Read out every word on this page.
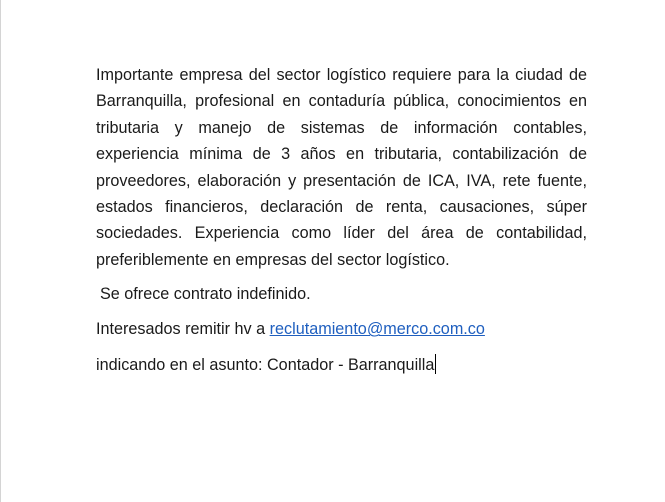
Importante empresa del sector logístico requiere para la ciudad de Barranquilla, profesional en contaduría pública, conocimientos en tributaria y manejo de sistemas de información contables, experiencia mínima de 3 años en tributaria, contabilización de proveedores, elaboración y presentación de ICA, IVA, rete fuente, estados financieros, declaración de renta, causaciones, súper sociedades. Experiencia como líder del área de contabilidad, preferiblemente en empresas del sector logístico.

Se ofrece contrato indefinido.

Interesados remitir hv a reclutamiento@merco.com.co

indicando en el asunto: Contador - Barranquilla
